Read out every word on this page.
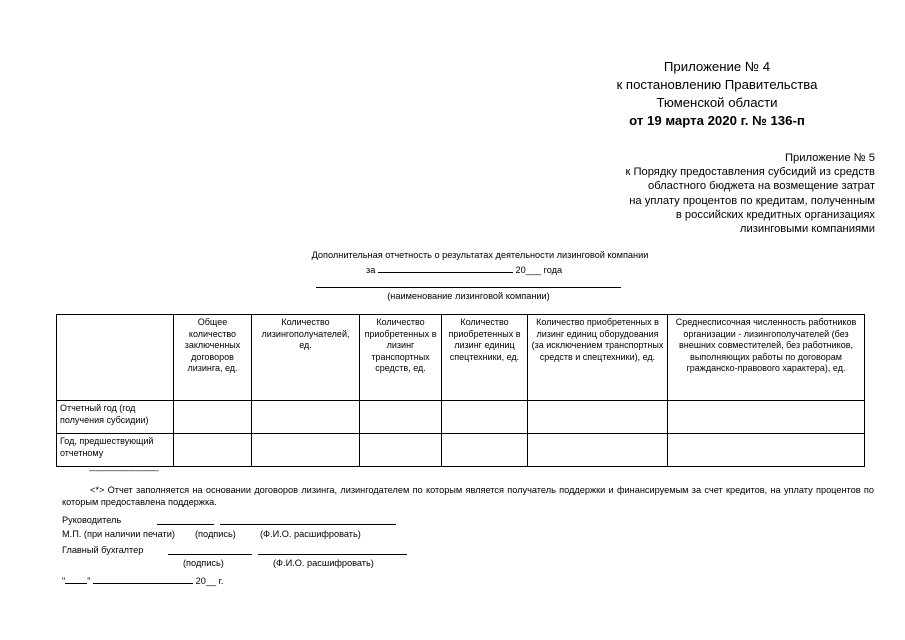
Приложение № 4
к постановлению Правительства
Тюменской области
от 19 марта 2020 г. № 136-п
Приложение № 5
к Порядку предоставления субсидий из средств
областного бюджета на возмещение затрат
на уплату процентов по кредитам, полученным
в российских кредитных организациях
лизинговыми компаниями
Дополнительная отчетность о результатах деятельности лизинговой компании
за	20___ года
(наименование лизинговой компании)
	Общее количество заключенных договоров лизинга, ед.	Количество лизингополучателей, ед.	Количество приобретенных в лизинг транспортных средств, ед.	Количество приобретенных в лизинг единиц спецтехники, ед.	Количество приобретенных в лизинг единиц оборудования (за исключением транспортных средств и спецтехники), ед.	Среднесписочная численность работников организации - лизингополучателей (без внешних совместителей, без работников, выполняющих работы по договорам гражданско-правового характера), ед.
Отчетный год (год получения субсидии)						
Год, предшествующий отчетному						
--------------------------------
<*> Отчет заполняется на основании договоров лизинга, лизингодателем по которым является получатель поддержки и финансируемым за счет кредитов, на уплату процентов по которым предоставлена поддержка.
Руководитель
М.П. (при наличии печати) (подпись)	(Ф.И.О. расшифровать)
Главный бухгалтер
(подпись)	(Ф.И.О. расшифровать)
" "	20__ г.
